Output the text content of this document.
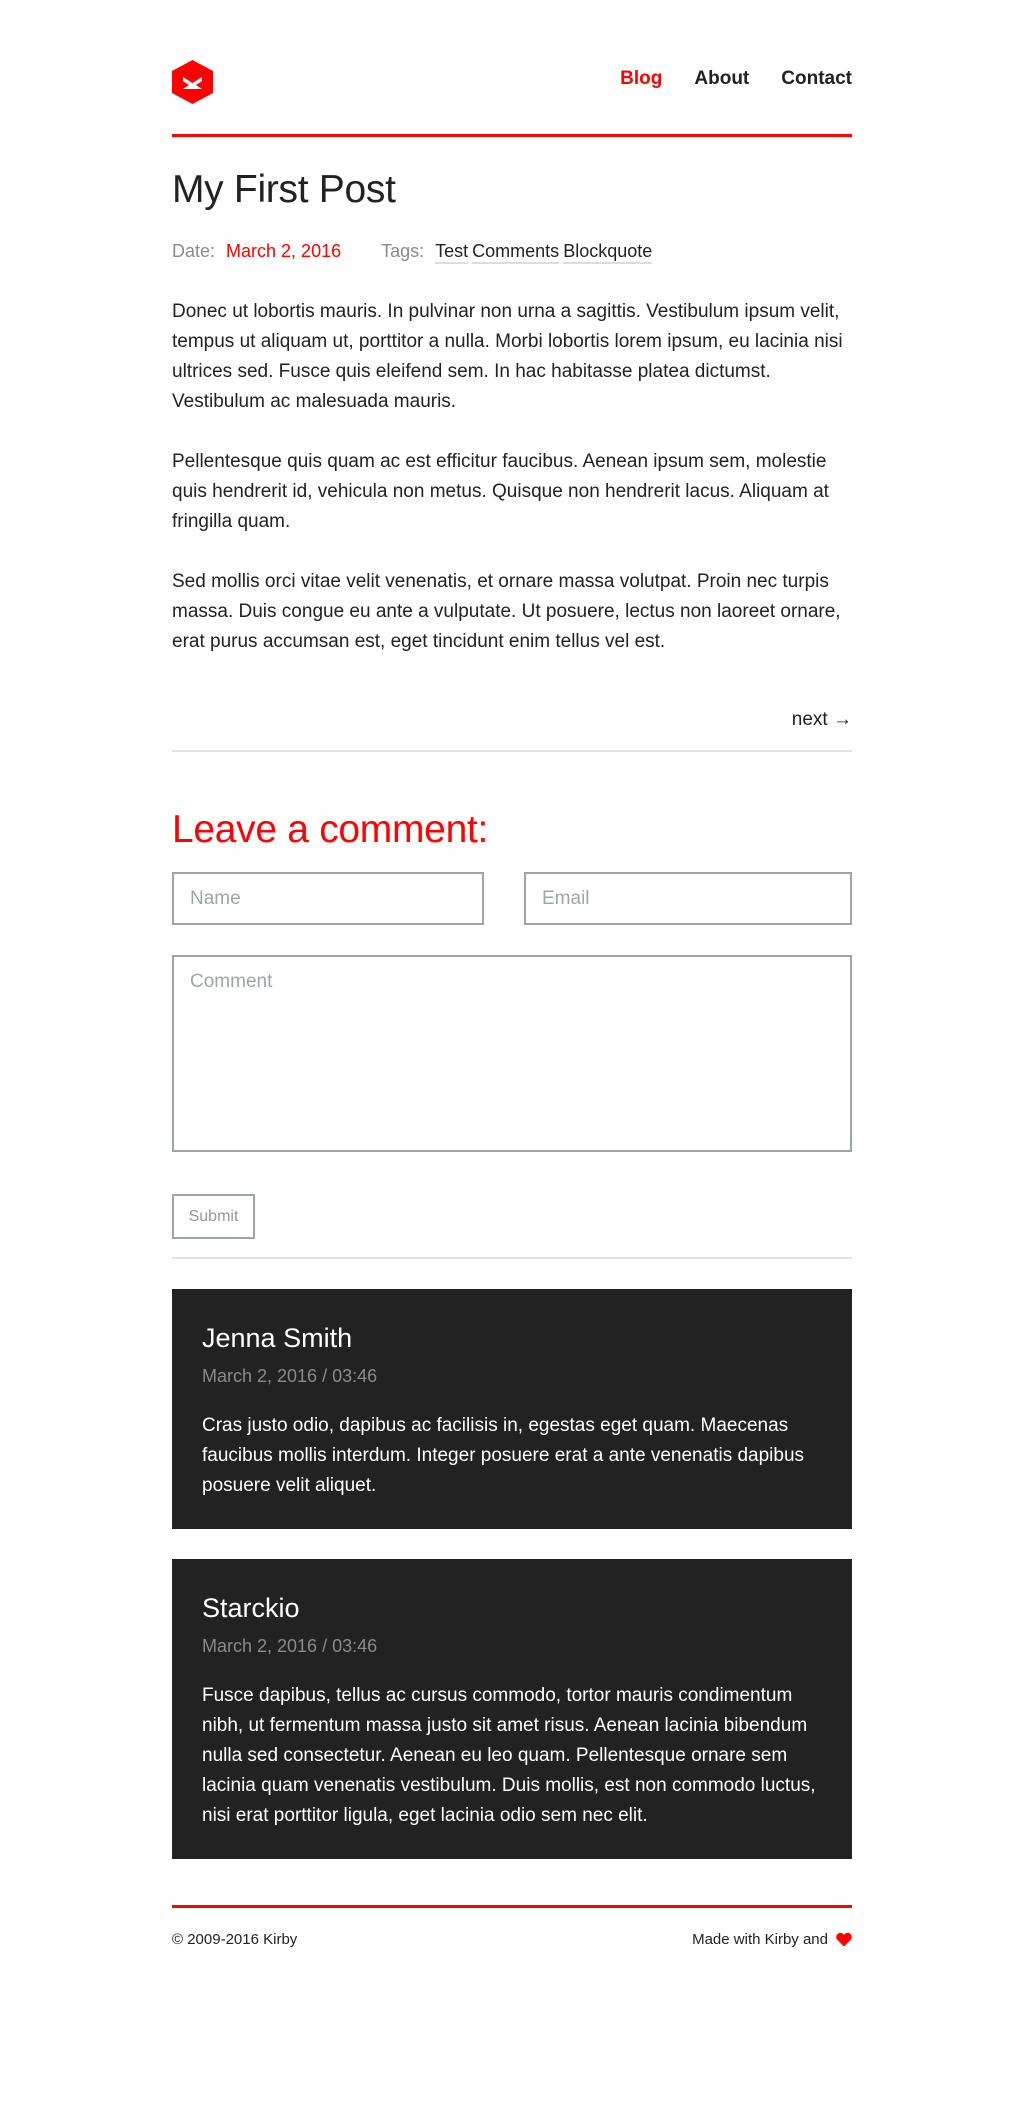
Blog About Contact
My First Post
Date: March 2, 2016 Tags: Test Comments Blockquote

Donec ut lobortis mauris. In pulvinar non urna a sagittis. Vestibulum ipsum velit, tempus ut aliquam ut, porttitor a nulla. Morbi lobortis lorem ipsum, eu lacinia nisi ultrices sed. Fusce quis eleifend sem. In hac habitasse platea dictumst. Vestibulum ac malesuada mauris.

Pellentesque quis quam ac est efficitur faucibus. Aenean ipsum sem, molestie quis hendrerit id, vehicula non metus. Quisque non hendrerit lacus. Aliquam at fringilla quam.

Sed mollis orci vitae velit venenatis, et ornare massa volutpat. Proin nec turpis massa. Duis congue eu ante a vulputate. Ut posuere, lectus non laoreet ornare, erat purus accumsan est, eget tincidunt enim tellus vel est.

next →
Leave a comment:
Name
Email
Comment
Submit
Jenna Smith
March 2, 2016 / 03:46
Cras justo odio, dapibus ac facilisis in, egestas eget quam. Maecenas faucibus mollis interdum. Integer posuere erat a ante venenatis dapibus posuere velit aliquet.
Starckio
March 2, 2016 / 03:46
Fusce dapibus, tellus ac cursus commodo, tortor mauris condimentum nibh, ut fermentum massa justo sit amet risus. Aenean lacinia bibendum nulla sed consectetur. Aenean eu leo quam. Pellentesque ornare sem lacinia quam venenatis vestibulum. Duis mollis, est non commodo luctus, nisi erat porttitor ligula, eget lacinia odio sem nec elit.
© 2009-2016 Kirby	Made with Kirby and
